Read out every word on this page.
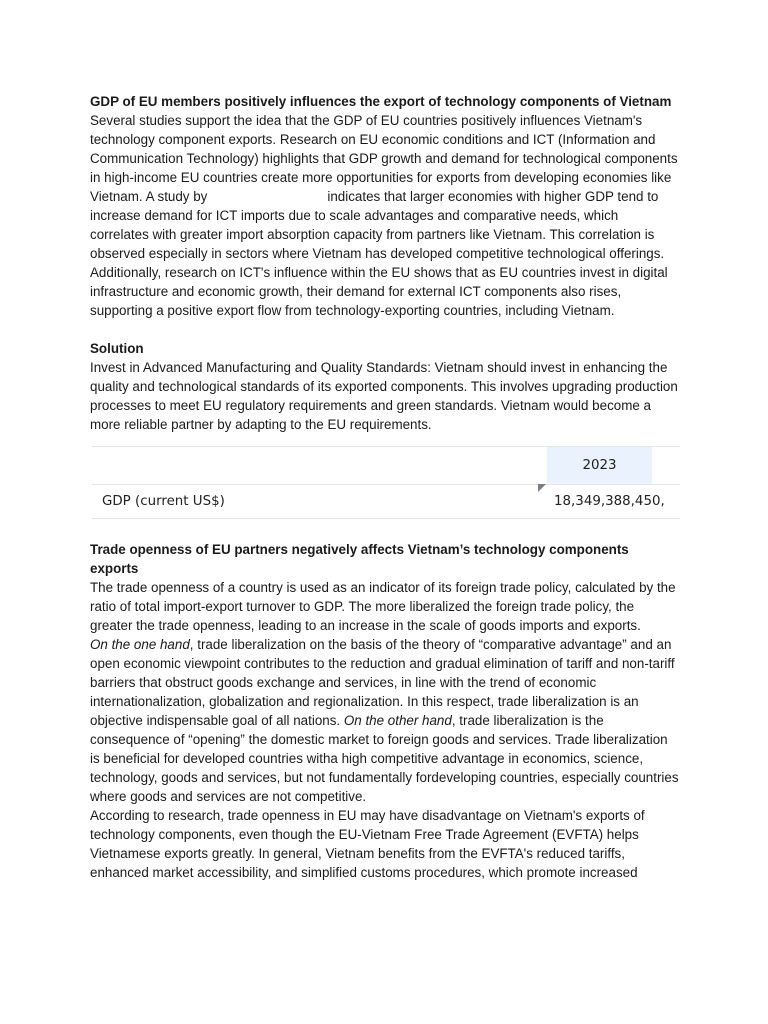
GDP of EU members positively influences the export of technology components of Vietnam

Several studies support the idea that the GDP of EU countries positively influences Vietnam's technology component exports. Research on EU economic conditions and ICT (Information and Communication Technology) highlights that GDP growth and demand for technological components in high-income EU countries create more opportunities for exports from developing economies like Vietnam. A study by	indicates that larger economies with higher GDP tend to increase demand for ICT imports due to scale advantages and comparative needs, which correlates with greater import absorption capacity from partners like Vietnam. This correlation is observed especially in sectors where Vietnam has developed competitive technological offerings.

Additionally, research on ICT's influence within the EU shows that as EU countries invest in digital infrastructure and economic growth, their demand for external ICT components also rises, supporting a positive export flow from technology-exporting countries, including Vietnam.

Solution

Invest in Advanced Manufacturing and Quality Standards: Vietnam should invest in enhancing the quality and technological standards of its exported components. This involves upgrading production processes to meet EU regulatory requirements and green standards. Vietnam would become a more reliable partner by adapting to the EU requirements.

2023
GDP (current US$)	18,349,388,450,
Trade openness of EU partners negatively affects Vietnam’s technology components exports

The trade openness of a country is used as an indicator of its foreign trade policy, calculated by the ratio of total import-export turnover to GDP. The more liberalized the foreign trade policy, the greater the trade openness, leading to an increase in the scale of goods imports and exports.

On the one hand, trade liberalization on the basis of the theory of “comparative advantage” and an open economic viewpoint contributes to the reduction and gradual elimination of tariff and non-tariff barriers that obstruct goods exchange and services, in line with the trend of economic internationalization, globalization and regionalization. In this respect, trade liberalization is an objective indispensable goal of all nations. On the other hand, trade liberalization is the consequence of “opening” the domestic market to foreign goods and services. Trade liberalization is beneficial for developed countries witha high competitive advantage in economics, science, technology, goods and services, but not fundamentally fordeveloping countries, especially countries where goods and services are not competitive.

According to research, trade openness in EU may have disadvantage on Vietnam's exports of technology components, even though the EU-Vietnam Free Trade Agreement (EVFTA) helps Vietnamese exports greatly. In general, Vietnam benefits from the EVFTA's reduced tariffs, enhanced market accessibility, and simplified customs procedures, which promote increased
